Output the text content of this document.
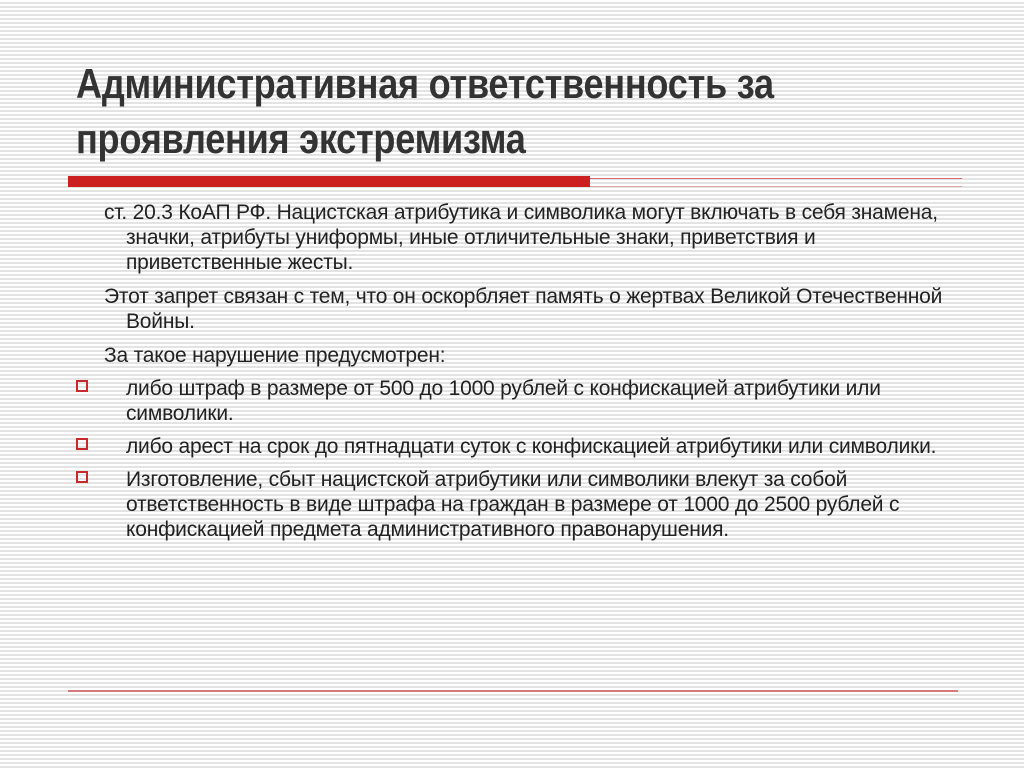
Административная ответственность за проявления экстремизма

ст. 20.3 КоАП РФ. Нацистская атрибутика и символика могут включать в себя знамена, значки, атрибуты униформы, иные отличительные знаки, приветствия и приветственные жесты.

Этот запрет связан с тем, что он оскорбляет память о жертвах Великой Отечественной Войны.

За такое нарушение предусмотрен:

либо штраф в размере от 500 до 1000 рублей с конфискацией атрибутики или символики.
либо арест на срок до пятнадцати суток с конфискацией атрибутики или символики.
Изготовление, сбыт нацистской атрибутики или символики влекут за собой ответственность в виде штрафа на граждан в размере от 1000 до 2500 рублей с конфискацией предмета административного правонарушения.
